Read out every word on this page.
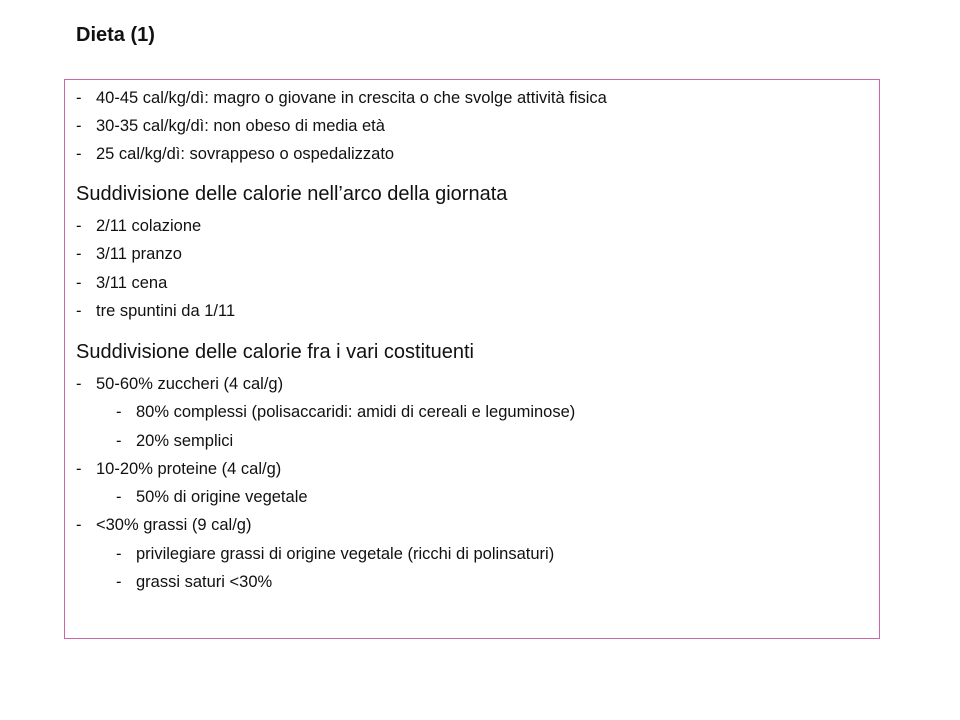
Dieta (1)
- 40-45 cal/kg/dì: magro o giovane in crescita o che svolge attività fisica
- 30-35 cal/kg/dì: non obeso di media età
- 25 cal/kg/dì: sovrappeso o ospedalizzato
Suddivisione delle calorie nell’arco della giornata
- 2/11 colazione
- 3/11 pranzo
- 3/11 cena
- tre spuntini da 1/11
Suddivisione delle calorie fra i vari costituenti
- 50-60% zuccheri (4 cal/g)
- 80% complessi (polisaccaridi: amidi di cereali e leguminose)
- 20% semplici
- 10-20% proteine (4 cal/g)
- 50% di origine vegetale
- <30% grassi (9 cal/g)
- privilegiare grassi di origine vegetale (ricchi di polinsaturi)
- grassi saturi <30%
